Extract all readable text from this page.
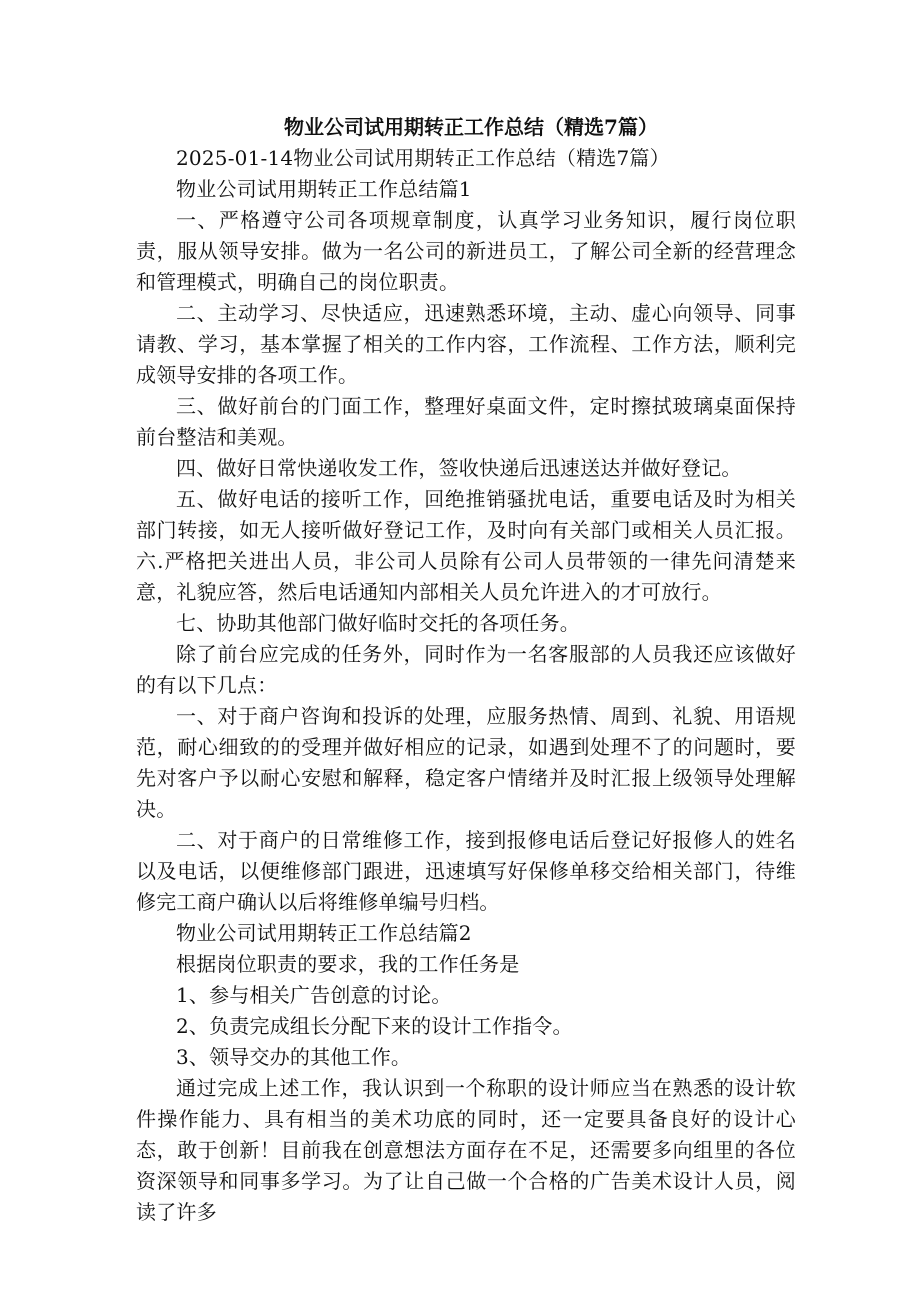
物业公司试用期转正工作总结（精选7篇）

2025-01-14物业公司试用期转正工作总结（精选7篇）

物业公司试用期转正工作总结篇1

一、严格遵守公司各项规章制度，认真学习业务知识，履行岗位职责，服从领导安排。做为一名公司的新进员工，了解公司全新的经营理念和管理模式，明确自己的岗位职责。

二、主动学习、尽快适应，迅速熟悉环境，主动、虚心向领导、同事请教、学习，基本掌握了相关的工作内容，工作流程、工作方法，顺利完成领导安排的各项工作。

三、做好前台的门面工作，整理好桌面文件，定时擦拭玻璃桌面保持前台整洁和美观。

四、做好日常快递收发工作，签收快递后迅速送达并做好登记。

五、做好电话的接听工作，回绝推销骚扰电话，重要电话及时为相关部门转接，如无人接听做好登记工作，及时向有关部门或相关人员汇报。六.严格把关进出人员，非公司人员除有公司人员带领的一律先问清楚来意，礼貌应答，然后电话通知内部相关人员允许进入的才可放行。

七、协助其他部门做好临时交托的各项任务。

除了前台应完成的任务外，同时作为一名客服部的人员我还应该做好的有以下几点：

一、对于商户咨询和投诉的处理，应服务热情、周到、礼貌、用语规范，耐心细致的的受理并做好相应的记录，如遇到处理不了的问题时，要先对客户予以耐心安慰和解释，稳定客户情绪并及时汇报上级领导处理解决。

二、对于商户的日常维修工作，接到报修电话后登记好报修人的姓名以及电话，以便维修部门跟进，迅速填写好保修单移交给相关部门，待维修完工商户确认以后将维修单编号归档。

物业公司试用期转正工作总结篇2

根据岗位职责的要求，我的工作任务是

1、参与相关广告创意的讨论。

2、负责完成组长分配下来的设计工作指令。

3、领导交办的其他工作。

通过完成上述工作，我认识到一个称职的设计师应当在熟悉的设计软件操作能力、具有相当的美术功底的同时，还一定要具备良好的设计心态，敢于创新！目前我在创意想法方面存在不足，还需要多向组里的各位资深领导和同事多学习。为了让自己做一个合格的广告美术设计人员，阅读了许多
